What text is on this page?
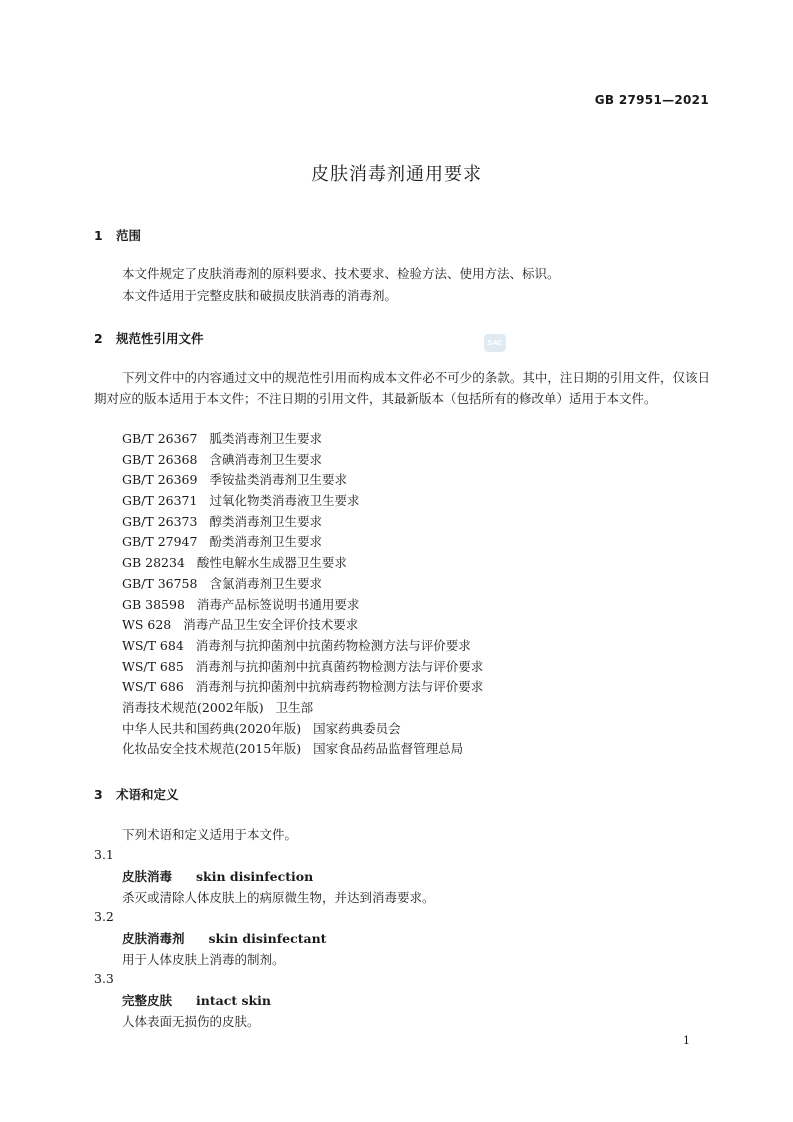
GB 27951—2021
皮肤消毒剂通用要求
SAC
1 范围
本文件规定了皮肤消毒剂的原料要求、技术要求、检验方法、使用方法、标识。
本文件适用于完整皮肤和破损皮肤消毒的消毒剂。
2 规范性引用文件
下列文件中的内容通过文中的规范性引用而构成本文件必不可少的条款。其中，注日期的引用文件，仅该日期对应的版本适用于本文件；不注日期的引用文件，其最新版本（包括所有的修改单）适用于本文件。
GB/T 26367 胍类消毒剂卫生要求
GB/T 26368 含碘消毒剂卫生要求
GB/T 26369 季铵盐类消毒剂卫生要求
GB/T 26371 过氧化物类消毒液卫生要求
GB/T 26373 醇类消毒剂卫生要求
GB/T 27947 酚类消毒剂卫生要求
GB 28234 酸性电解水生成器卫生要求
GB/T 36758 含氯消毒剂卫生要求
GB 38598 消毒产品标签说明书通用要求
WS 628 消毒产品卫生安全评价技术要求
WS/T 684 消毒剂与抗抑菌剂中抗菌药物检测方法与评价要求
WS/T 685 消毒剂与抗抑菌剂中抗真菌药物检测方法与评价要求
WS/T 686 消毒剂与抗抑菌剂中抗病毒药物检测方法与评价要求
消毒技术规范(2002年版) 卫生部
中华人民共和国药典(2020年版) 国家药典委员会
化妆品安全技术规范(2015年版) 国家食品药品监督管理总局
3 术语和定义
下列术语和定义适用于本文件。
3.1
皮肤消毒 skin disinfection
杀灭或清除人体皮肤上的病原微生物，并达到消毒要求。
3.2
皮肤消毒剂 skin disinfectant
用于人体皮肤上消毒的制剂。
3.3
完整皮肤 intact skin
人体表面无损伤的皮肤。
1
